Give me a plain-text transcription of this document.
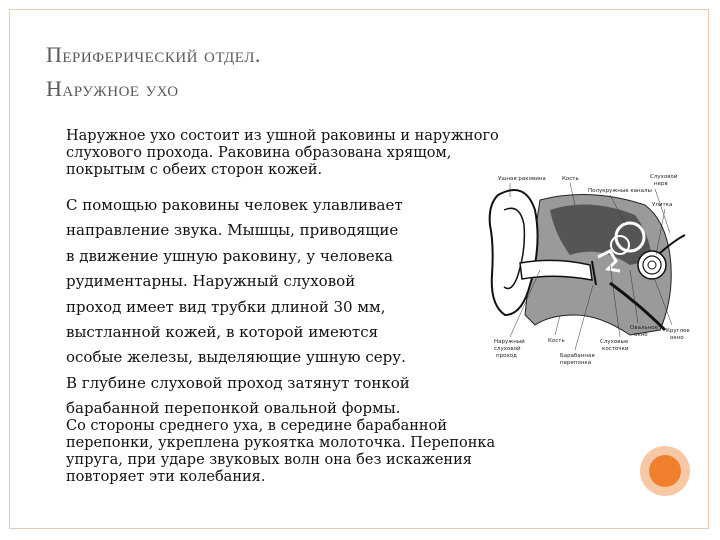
Периферический отдел.
Наружное ухо
Наружное ухо состоит из ушной раковины и наружного
слухового прохода. Раковина образована хрящом,
покрытым с обеих сторон кожей.
С помощью раковины человек улавливает
направление звука. Мышцы, приводящие
в движение ушную раковину, у человека
рудиментарны. Наружный слуховой
проход имеет вид трубки длиной 30 мм,
выстланной кожей, в которой имеются
особые железы, выделяющие ушную серу.
В глубине слуховой проход затянут тонкой
барабанной перепонкой овальной формы.
Со стороны среднего уха, в середине барабанной
перепонки, укреплена рукоятка молоточка. Перепонка
упруга, при ударе звуковых волн она без искажения
повторяет эти колебания.
Ушная раковина	Кость
Полукружные каналы
Слуховой
нерв
Улитка
Наружный
слуховой
проход
Кость
Барабанная
перепонка
Слуховые
косточки
Овальное
окно
Круглое
окно
